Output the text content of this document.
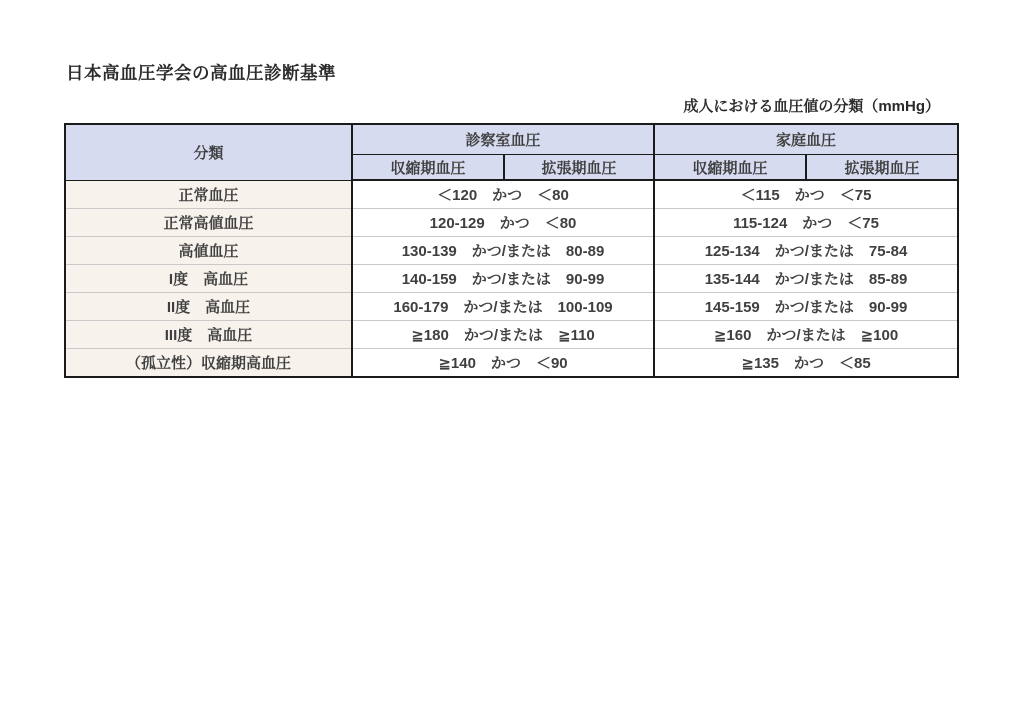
日本高血圧学会の高血圧診断基準
成人における血圧値の分類（mmHg）
分類	診察室血圧		家庭血圧	
	収縮期血圧	拡張期血圧	収縮期血圧	拡張期血圧
正常血圧	＜120　かつ　＜80		＜115　かつ　＜75	
正常高値血圧	120-129　かつ　＜80		115-124　かつ　＜75	
高値血圧	130-139　かつ/または　80-89		125-134　かつ/または　75-84	
I度　高血圧	140-159　かつ/または　90-99		135-144　かつ/または　85-89	
II度　高血圧	160-179　かつ/または　100-109		145-159　かつ/または　90-99	
III度　高血圧	≧180　かつ/または　≧110		≧160　かつ/または　≧100	
（孤立性）収縮期高血圧	≧140　かつ　＜90		≧135　かつ　＜85	
